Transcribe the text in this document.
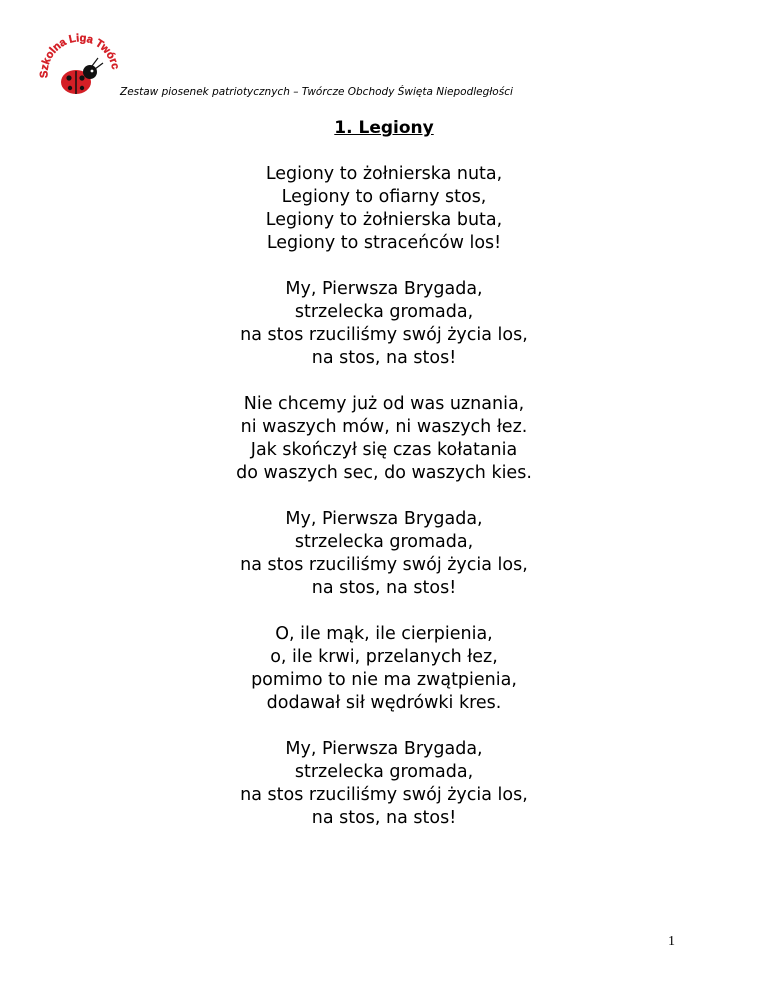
Szkolna Liga Twórc
Zestaw piosenek patriotycznych – Twórcze Obchody Święta Niepodległości
1. Legiony
Legiony to żołnierska nuta,
Legiony to ofiarny stos,
Legiony to żołnierska buta,
Legiony to straceńców los!
My, Pierwsza Brygada,
strzelecka gromada,
na stos rzuciliśmy swój życia los,
na stos, na stos!
Nie chcemy już od was uznania,
ni waszych mów, ni waszych łez.
Jak skończył się czas kołatania
do waszych sec, do waszych kies.
My, Pierwsza Brygada,
strzelecka gromada,
na stos rzuciliśmy swój życia los,
na stos, na stos!
O, ile mąk, ile cierpienia,
o, ile krwi, przelanych łez,
pomimo to nie ma zwątpienia,
dodawał sił wędrówki kres.
My, Pierwsza Brygada,
strzelecka gromada,
na stos rzuciliśmy swój życia los,
na stos, na stos!
1
